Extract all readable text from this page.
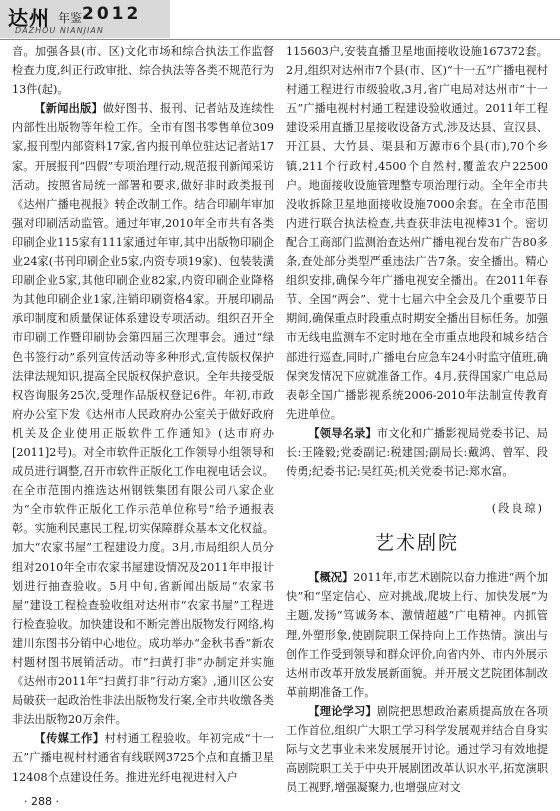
达州 年鉴 2012
DAZHOU NIANJIAN

音。加强各县(市、区)文化市场和综合执法工作监督检查力度,纠正行政审批、综合执法等各类不规范行为13件(起)。

【新闻出版】做好图书、报刊、记者站及连续性内部性出版物等年检工作。全市有图书零售单位309家,报刊型内部资料17家,省内报刊单位驻达记者站17家。开展报刊“四假”专项治理行动,规范报刊新闻采访活动。按照省局统一部署和要求,做好非时政类报刊《达州广播电视报》转企改制工作。结合印刷年审加强对印刷活动监管。通过年审,2010年全市共有各类印刷企业115家有111家通过年审,其中出版物印刷企业24家(书刊印刷企业5家,内资专项19家)、包装装潢印刷企业5家,其他印刷企业82家,内资印刷企业降格为其他印刷企业1家,注销印刷资格4家。开展印刷品承印制度和质量保证体系建设专项活动。组织召开全市印刷工作暨印刷协会第四届三次理事会。通过“绿色书签行动”系列宣传活动等多种形式,宣传版权保护法律法规知识,提高全民版权保护意识。全年共接受版权咨询服务25次,受理作品版权登记6件。年初,市政府办公室下发《达州市人民政府办公室关于做好政府机关及企业使用正版软件工作通知》(达市府办[2011]2号)。对全市软件正版化工作领导小组领导和成员进行调整,召开市软件正版化工作电视电话会议。在全市范围内推选达州钢铁集团有限公司八家企业为“全市软件正版化工作示范单位称号”给予通报表彰。实施利民惠民工程,切实保障群众基本文化权益。加大“农家书屋”工程建设力度。3月,市局组织人员分组对2010年全市农家书屋建设情况及2011年申报计划进行抽查验收。5月中旬,省新闻出版局“农家书屋”建设工程检查验收组对达州市“农家书屋”工程进行检查验收。加快建设和不断完善出版物发行网络,构建川东图书分销中心地位。成功举办“金秋书香”新农村题材图书展销活动。市“扫黄打非”办制定并实施《达州市2011年“扫黄打非”行动方案》,通川区公安局破获一起政治性非法出版物发行案,全市共收缴各类非法出版物20万余件。

【传媒工作】村村通工程验收。年初完成“十一五”广播电视村村通省有线联网3725个点和直播卫星12408个点建设任务。推进光纤电视进村入户

115603户,安装直播卫星地面接收设施167372套。2月,组织对达州市7个县(市、区)“十一五”广播电视村村通工程进行市级验收,3月,省广电局对达州市“十一五”广播电视村村通工程建设验收通过。2011年工程建设采用直播卫星接收设备方式,涉及达县、宣汉县、开江县、大竹县、渠县和万源市6个县(市),70个乡镇,211个行政村,4500个自然村,覆盖农户22500户。地面接收设施管理整专项治理行动。全年全市共没收拆除卫星地面接收设施7000余套。在全市范围内进行联合执法检查,共查获非法电视棒31个。密切配合工商部门监测治查达州广播电视台发布广告80多条,查处部分类型严重违法广告7条。安全播出。精心组织安排,确保今年广播电视安全播出。在2011年春节、全国“两会”、党十七届六中全会及几个重要节日期间,确保重点时段重点时期安全播出目标任务。加强市无线电监测车不定时地在全市重点地段和城乡结合部进行巡查,同时,广播电台应急车24小时监守值班,确保突发情况下应就准备工作。4月,获得国家广电总局表彰全国广播影视系统2006-2010年法制宣传教育先进单位。

【领导名录】市文化和广播影视局党委书记、局长:王隆毅;党委副记:税建国;副局长:戴鸿、曾军、段传勇;纪委书记:吴红英;机关党委书记:郑水富。

(段良琼)

艺术剧院

【概况】2011年,市艺术剧院以奋力推进“两个加快”和“坚定信心、应对挑战,爬坡上行、加快发展”为主题,发扬“笃诚务本、激情超越”广电精神。内抓管理,外塑形象,使剧院职工保持向上工作热情。演出与创作工作受到领导和群众评价,向省内外、市内外展示达州市改革开放发展新面貌。并开展文艺院团体制改革前期准备工作。

【理论学习】剧院把思想政治素质提高放在各项工作首位,组织广大职工学习科学发展观并结合自身实际与文艺事业未来发展展开讨论。通过学习有效地提高剧院职工关于中央开展剧团改革认识水平,拓宽演职员工视野,增强凝聚力,也增强应对文

· 288 ·
